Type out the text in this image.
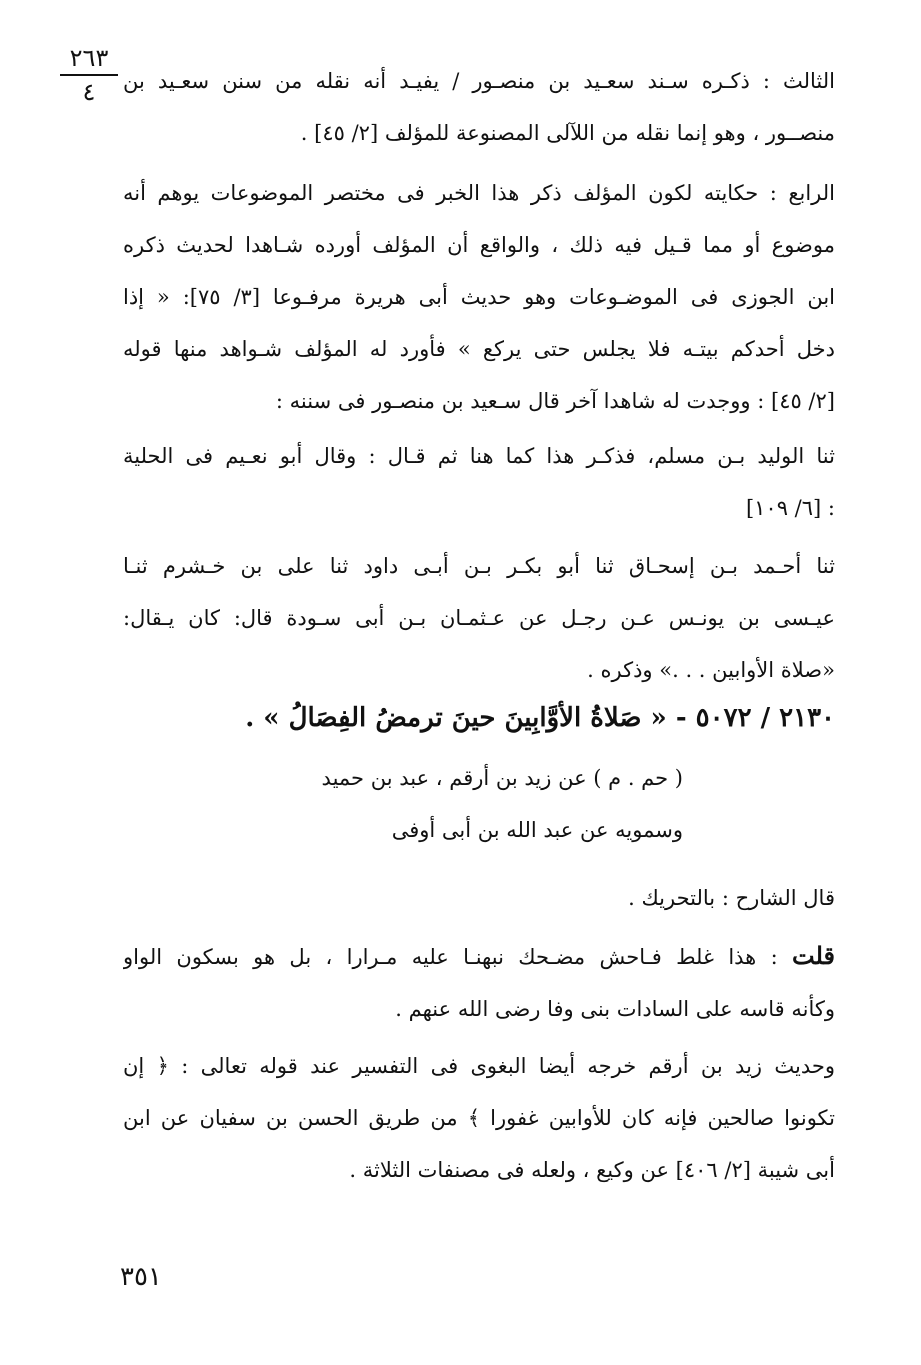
٢٦٣
٤	الثالث : ذكـره سـند سعـيد بن منصـور / يفيـد أنه نقله من سنن سعـيد بن
منصــور ، وهو إنما نقله من اللآلى المصنوعة للمؤلف [٢/ ٤٥] .
الرابع : حكايته لكون المؤلف ذكر هذا الخبر فى مختصر الموضوعات يوهم أنه
موضوع أو مما قـيل فيه ذلك ، والواقع أن المؤلف أورده شـاهدا لحديث ذكره
ابن الجوزى فى الموضـوعات وهو حديث أبى هريرة مرفـوعا [٣/ ٧٥]: « إذا
دخل أحدكم بيتـه فلا يجلس حتى يركع » فأورد له المؤلف شـواهد منها قوله
[٢/ ٤٥] : ووجدت له شاهدا آخر قال سـعيد بن منصـور فى سننه :
ثنا الوليد بـن مسلم، فذكـر هذا كما هنا ثم قـال : وقال أبو نعـيم فى الحلية
: [٦/ ١٠٩]
ثنا أحـمد بـن إسحـاق ثنا أبو بكـر بـن أبـى داود ثنا على بن خـشرم ثنـا
عيـسى بن يونـس عـن رجـل عن عـثمـان بـن أبى سـودة قال: كان يـقال:
«صلاة الأوابين . . .» وذكره .
٢١٣٠ / ٥٠٧٢ - « صَلاةُ الأوَّابِينَ حينَ ترمضُ الفِصَالُ » .
( حم . م ) عن زيد بن أرقم ، عبد بن حميد
وسمويه عن عبد الله بن أبى أوفى
قال الشارح : بالتحريك .
قلت : هذا غلط فـاحش مضـحك نبهنـا عليه مـرارا ، بل هو بسكون الواو
وكأنه قاسه على السادات بنى وفا رضى الله عنهم .
وحديث زيد بن أرقم خرجه أيضا البغوى فى التفسير عند قوله تعالى : ﴿ إن
تكونوا صالحين فإنه كان للأوابين غفورا ﴾ من طريق الحسن بن سفيان عن ابن
أبى شيبة [٢/ ٤٠٦] عن وكيع ، ولعله فى مصنفات الثلاثة .
٣٥١
